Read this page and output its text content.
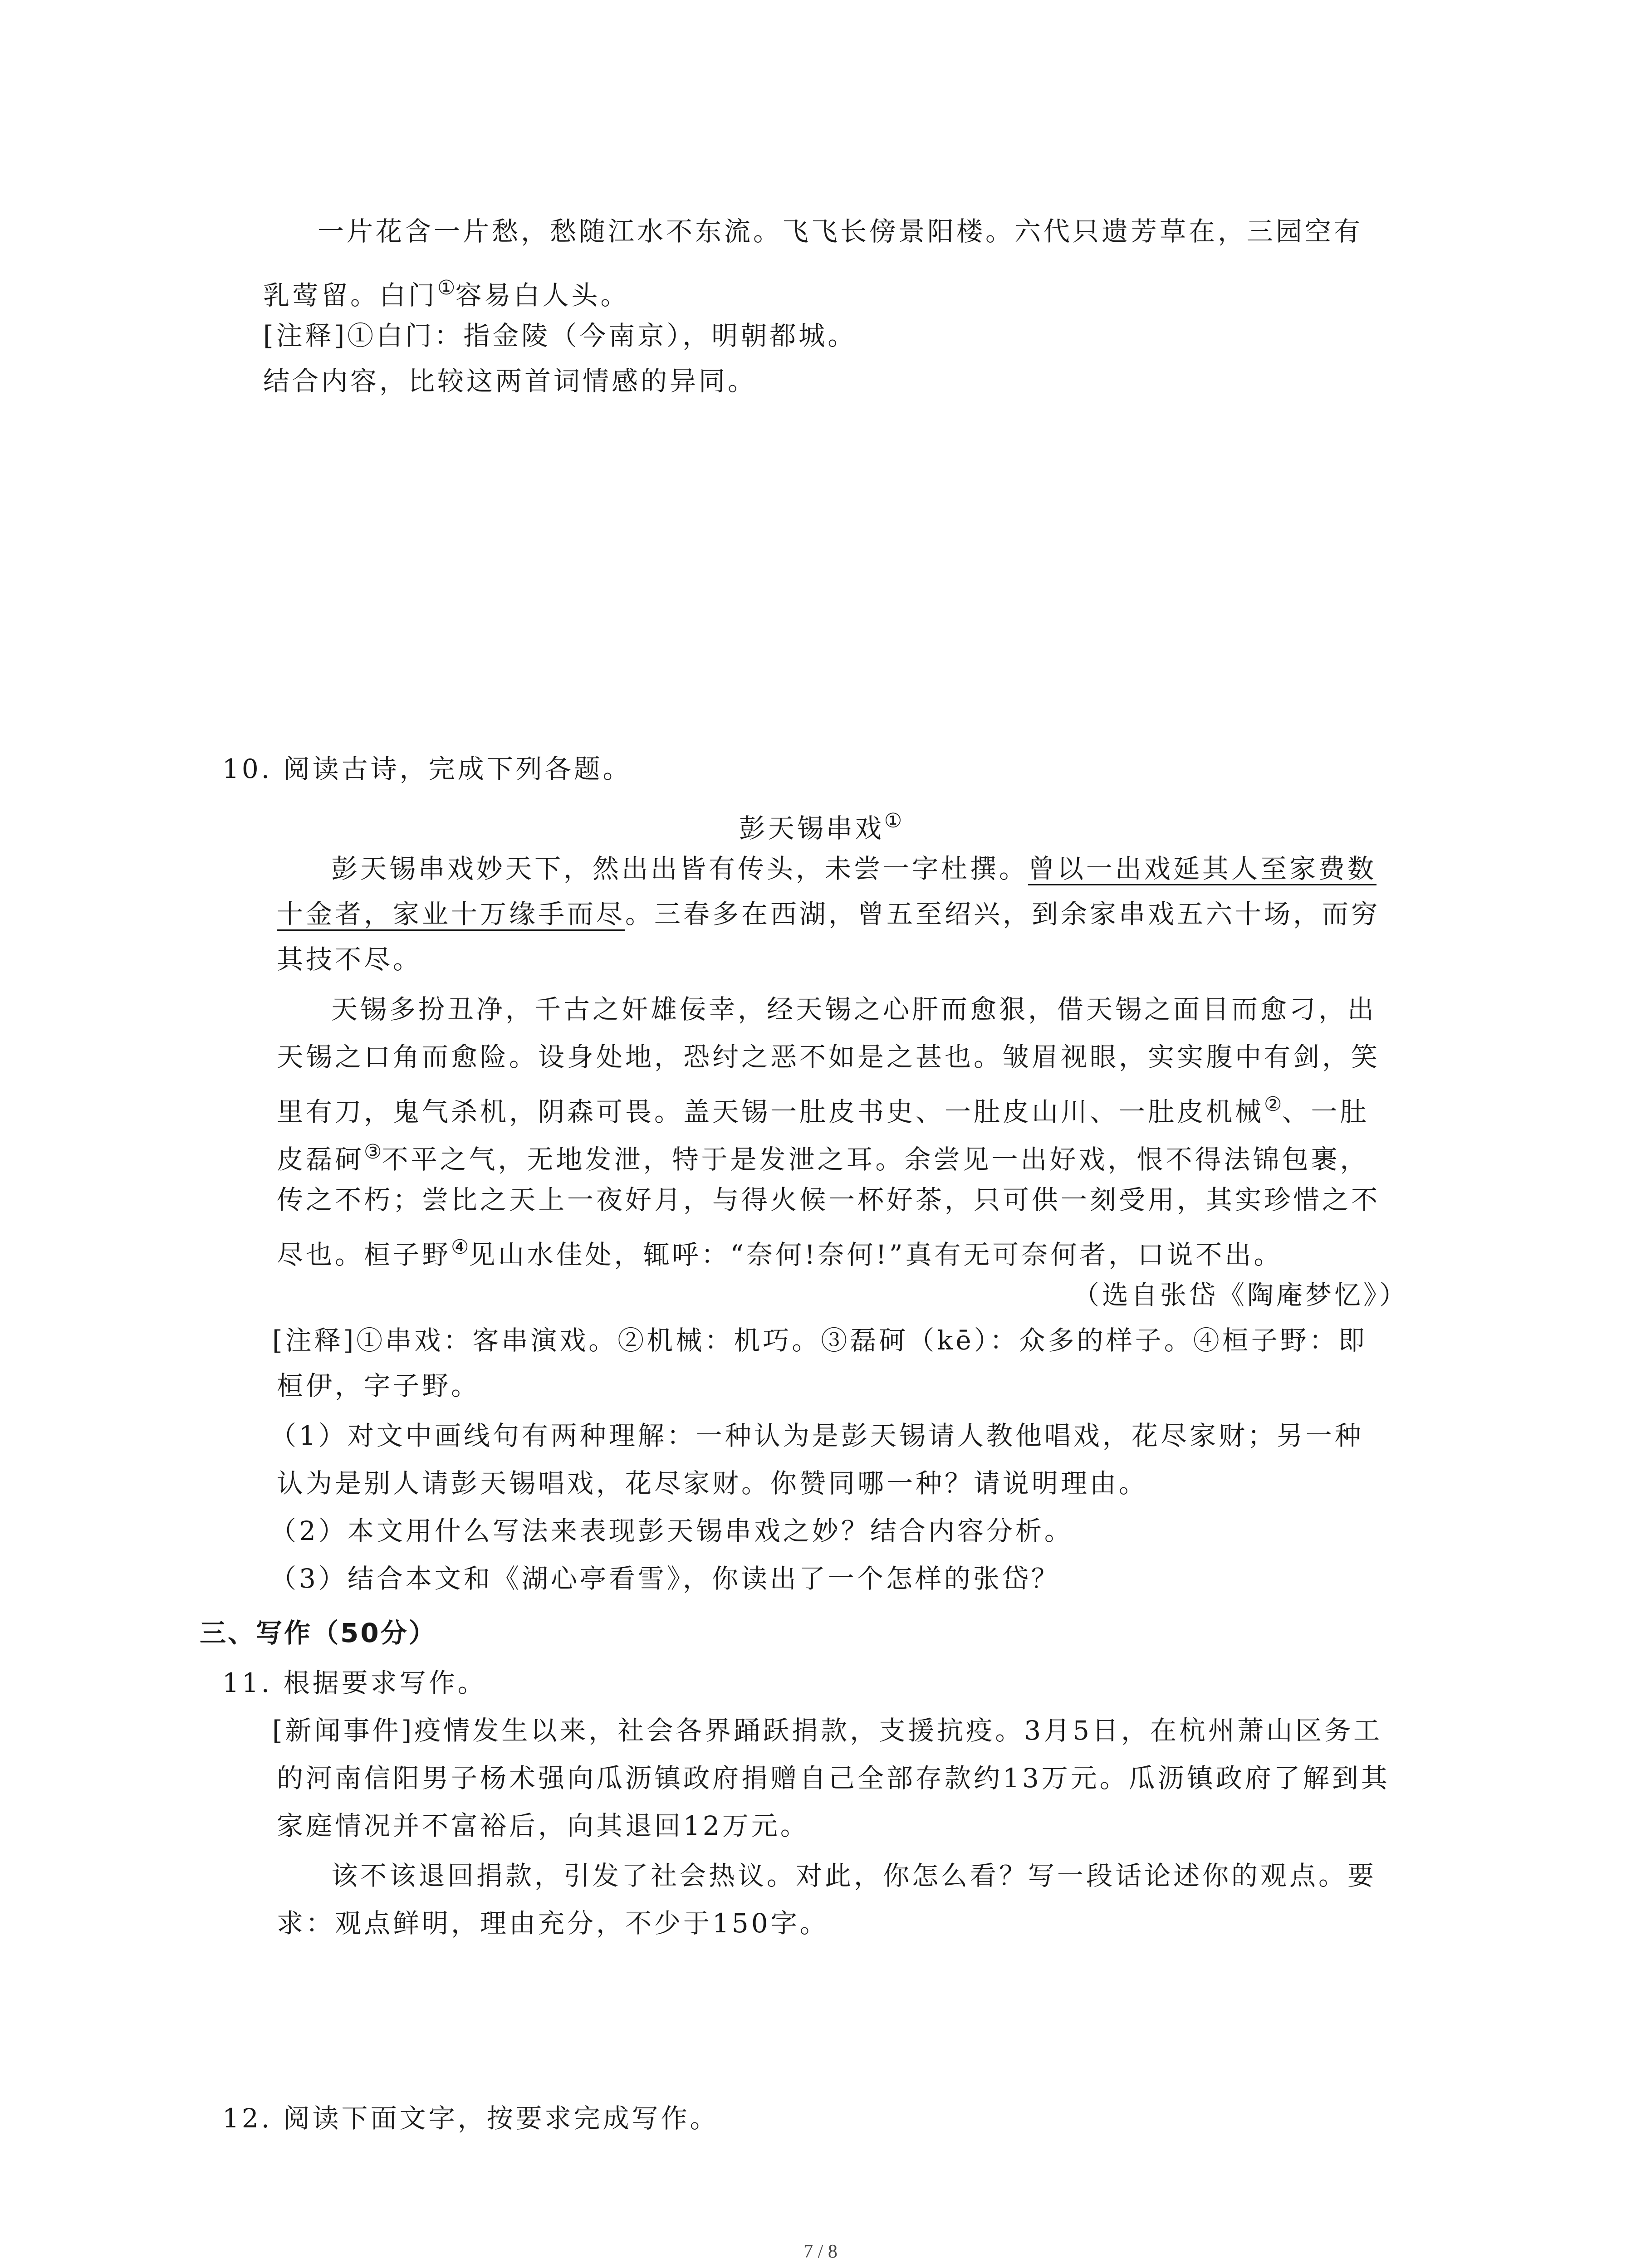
一片花含一片愁，愁随江水不东流。飞飞长傍景阳楼。六代只遗芳草在，三园空有
乳莺留。白门①容易白人头。
[注释]①白门：指金陵（今南京），明朝都城。
结合内容，比较这两首词情感的异同。
10. 阅读古诗，完成下列各题。
彭天锡串戏①
彭天锡串戏妙天下，然出出皆有传头，未尝一字杜撰。曾以一出戏延其人至家费数
十金者，家业十万缘手而尽。三春多在西湖，曾五至绍兴，到余家串戏五六十场，而穷
其技不尽。
天锡多扮丑净，千古之奸雄佞幸，经天锡之心肝而愈狠，借天锡之面目而愈刁，出
天锡之口角而愈险。设身处地，恐纣之恶不如是之甚也。皱眉视眼，实实腹中有剑，笑
里有刀，鬼气杀机，阴森可畏。盖天锡一肚皮书史、一肚皮山川、一肚皮机械②、一肚
皮磊砢③不平之气，无地发泄，特于是发泄之耳。余尝见一出好戏，恨不得法锦包裹，
传之不朽；尝比之天上一夜好月，与得火候一杯好茶，只可供一刻受用，其实珍惜之不
尽也。桓子野④见山水佳处，辄呼：“奈何!奈何!”真有无可奈何者，口说不出。
（选自张岱《陶庵梦忆》）
[注释]①串戏：客串演戏。②机械：机巧。③磊砢（kē）：众多的样子。④桓子野：即
桓伊，字子野。
（1）对文中画线句有两种理解：一种认为是彭天锡请人教他唱戏，花尽家财；另一种
认为是别人请彭天锡唱戏，花尽家财。你赞同哪一种？请说明理由。
（2）本文用什么写法来表现彭天锡串戏之妙？结合内容分析。
（3）结合本文和《湖心亭看雪》，你读出了一个怎样的张岱？
三、写作（50分）
11. 根据要求写作。
[新闻事件]疫情发生以来，社会各界踊跃捐款，支援抗疫。3月5日，在杭州萧山区务工
的河南信阳男子杨术强向瓜沥镇政府捐赠自己全部存款约13万元。瓜沥镇政府了解到其
家庭情况并不富裕后，向其退回12万元。
该不该退回捐款，引发了社会热议。对此，你怎么看？写一段话论述你的观点。要
求：观点鲜明，理由充分，不少于150字。
12. 阅读下面文字，按要求完成写作。
7 / 8
